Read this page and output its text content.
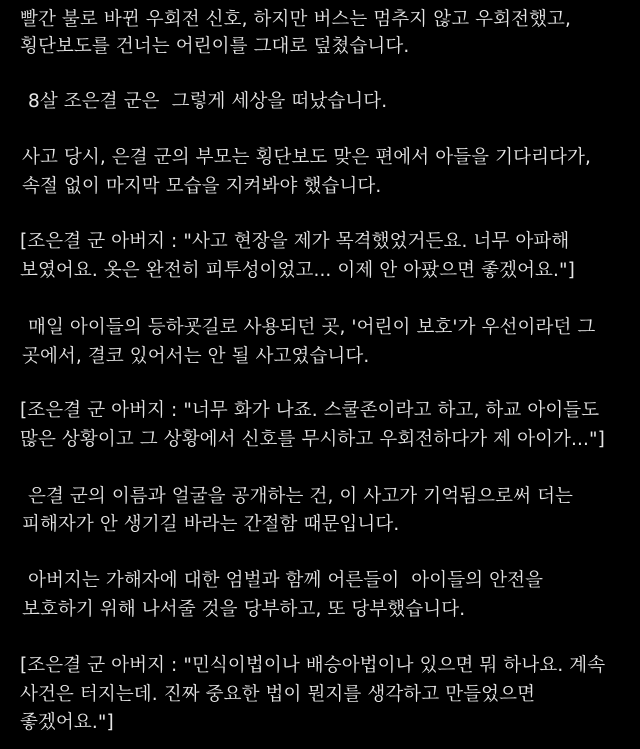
빨간 불로 바뀐 우회전 신호, 하지만 버스는 멈추지 않고 우회전했고,
횡단보도를 건너는 어린이를 그대로 덮쳤습니다.
8살 조은결 군은  그렇게 세상을 떠났습니다.
사고 당시, 은결 군의 부모는 횡단보도 맞은 편에서 아들을 기다리다가,
속절 없이 마지막 모습을 지켜봐야 했습니다.
[조은결 군 아버지 : "사고 현장을 제가 목격했었거든요. 너무 아파해
보였어요. 옷은 완전히 피투성이었고... 이제 안 아팠으면 좋겠어요."]
매일 아이들의 등하굣길로 사용되던 곳, '어린이 보호'가 우선이라던 그
곳에서, 결코 있어서는 안 될 사고였습니다.
[조은결 군 아버지 : "너무 화가 나죠. 스쿨존이라고 하고, 하교 아이들도
많은 상황이고 그 상황에서 신호를 무시하고 우회전하다가 제 아이가..."]
은결 군의 이름과 얼굴을 공개하는 건, 이 사고가 기억됨으로써 더는
피해자가 안 생기길 바라는 간절함 때문입니다.
아버지는 가해자에 대한 엄벌과 함께 어른들이  아이들의 안전을
보호하기 위해 나서줄 것을 당부하고, 또 당부했습니다.
[조은결 군 아버지 : "민식이법이나 배승아법이나 있으면 뭐 하나요. 계속
사건은 터지는데. 진짜 중요한 법이 뭔지를 생각하고 만들었으면
좋겠어요."]
